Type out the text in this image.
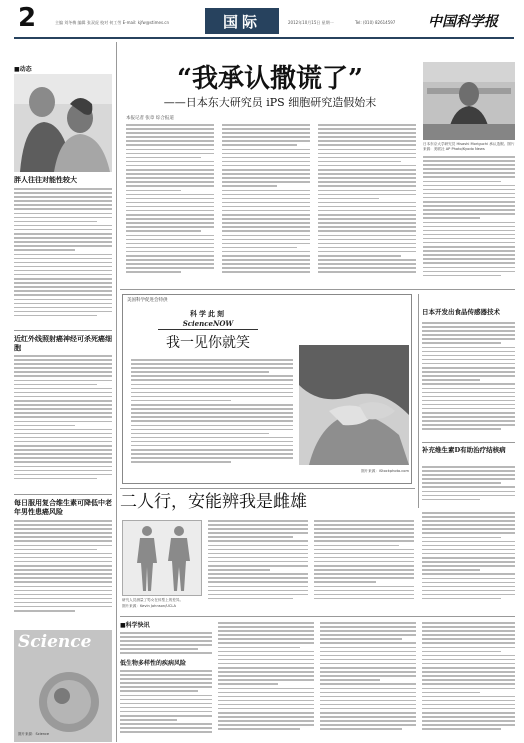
2	主编 刘冬梅 编辑 张双虎 校对 何工劳 E-mail: kjfw@stimes.cn	国际	2012年10月15日 星期一	Tel: (010) 82614597 中国科学报
■动态
胖人往往对能性较大
近红外线照射癌神经可杀死癌细胞
每日服用复合维生素可降低中老年男性患癌风险
Science
图片来源：Science
“我承认撒谎了”
——日本东大研究员 iPS 细胞研究造假始末
本报记者 张章 综合报道
日本东京大学研究员 Hisashi Moriguchi 承认造假。图片来源：美联社 AP Photo/Kyodo News
美国科学促进会特供
科学此刻
ScienceNOW
我一见你就笑
图片来源：iStockphoto.com
日本开发出食品传感器技术
补充维生素D有助治疗结核病
二人行，安能辨我是雌雄
研究人员测量了男女在体型上的差异。
图片来源：Kevin Johnson/UCLA
■科学快讯
低生物多样性的疾病风险
